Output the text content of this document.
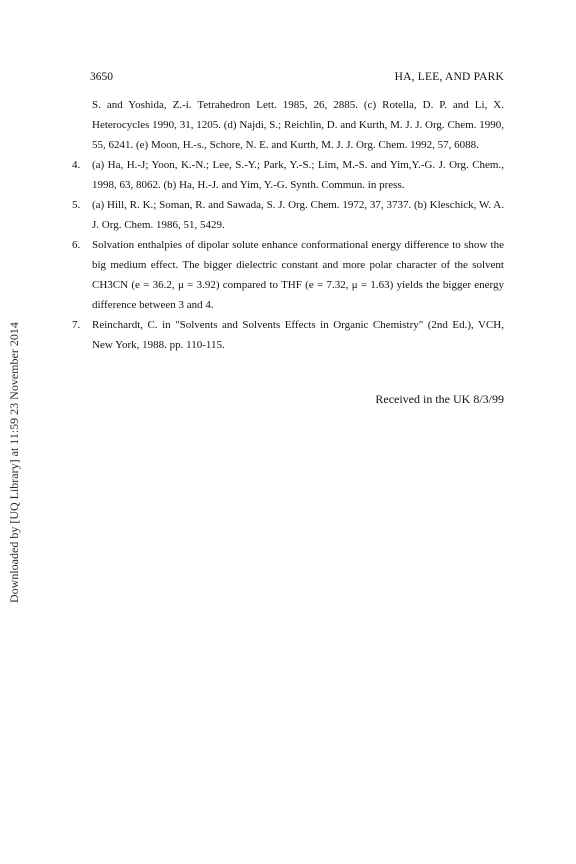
3650	HA, LEE, AND PARK
S. and Yoshida, Z.-i. Tetrahedron Lett. 1985, 26, 2885. (c) Rotella, D. P. and Li, X. Heterocycles 1990, 31, 1205. (d) Najdi, S.; Reichlin, D. and Kurth, M. J. J. Org. Chem. 1990, 55, 6241. (e) Moon, H.-s., Schore, N. E. and Kurth, M. J. J. Org. Chem. 1992, 57, 6088.
4. (a) Ha, H.-J; Yoon, K.-N.; Lee, S.-Y.; Park, Y.-S.; Lim, M.-S. and Yim,Y.-G. J. Org. Chem., 1998, 63, 8062. (b) Ha, H.-J. and Yim, Y.-G. Synth. Commun. in press.
5. (a) Hill, R. K.; Soman, R. and Sawada, S. J. Org. Chem. 1972, 37, 3737. (b) Kleschick, W. A. J. Org. Chem. 1986, 51, 5429.
6. Solvation enthalpies of dipolar solute enhance conformational energy difference to show the big medium effect. The bigger dielectric constant and more polar character of the solvent CH3CN (e = 36.2, μ = 3.92) compared to THF (e = 7.32, μ = 1.63) yields the bigger energy difference between 3 and 4.
7. Reinchardt, C. in "Solvents and Solvents Effects in Organic Chemistry" (2nd Ed.), VCH, New York, 1988. pp. 110-115.
Received in the UK 8/3/99
Downloaded by [UQ Library] at 11:59 23 November 2014
